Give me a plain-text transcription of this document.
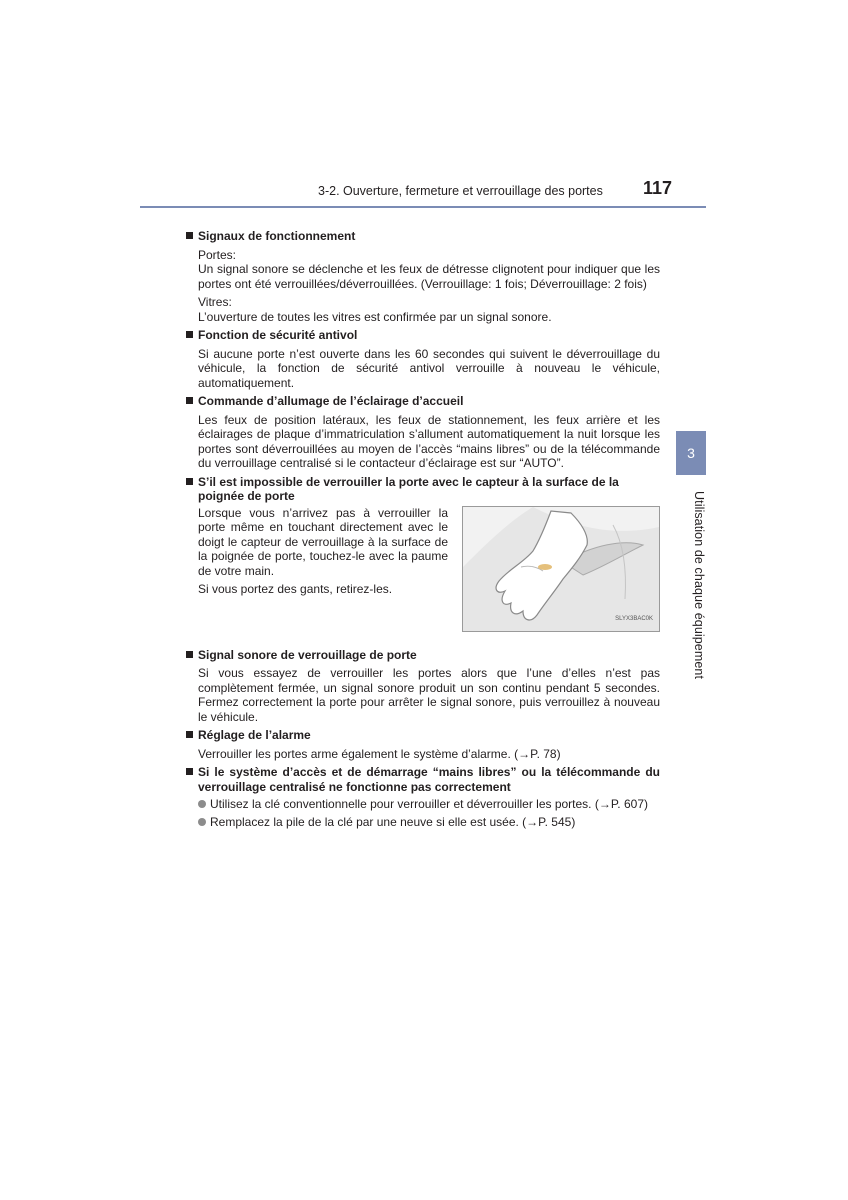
3-2. Ouverture, fermeture et verrouillage des portes 117
3
Utilisation de chaque équipement
Signaux de fonctionnement
Portes:
Un signal sonore se déclenche et les feux de détresse clignotent pour indiquer que les portes ont été verrouillées/déverrouillées. (Verrouillage: 1 fois; Déverrouillage: 2 fois)
Vitres:
L’ouverture de toutes les vitres est confirmée par un signal sonore.
Fonction de sécurité antivol
Si aucune porte n’est ouverte dans les 60 secondes qui suivent le déverrouillage du véhicule, la fonction de sécurité antivol verrouille à nouveau le véhicule, automatiquement.
Commande d’allumage de l’éclairage d’accueil
Les feux de position latéraux, les feux de stationnement, les feux arrière et les éclairages de plaque d’immatriculation s’allument automatiquement la nuit lorsque les portes sont déverrouillées au moyen de l’accès “mains libres” ou de la télécommande du verrouillage centralisé si le contacteur d’éclairage est sur “AUTO”.
S’il est impossible de verrouiller la porte avec le capteur à la surface de la poignée de porte
Lorsque vous n’arrivez pas à verrouiller la porte même en touchant directement avec le doigt le capteur de verrouillage à la surface de la poignée de porte, touchez-le avec la paume de votre main.
Si vous portez des gants, retirez-les.
SLYX3BAC0K
Signal sonore de verrouillage de porte
Si vous essayez de verrouiller les portes alors que l’une d’elles n’est pas complètement fermée, un signal sonore produit un son continu pendant 5 secondes. Fermez correctement la porte pour arrêter le signal sonore, puis verrouillez à nouveau le véhicule.
Réglage de l’alarme
Verrouiller les portes arme également le système d’alarme. (→P. 78)
Si le système d’accès et de démarrage “mains libres” ou la télécommande du verrouillage centralisé ne fonctionne pas correctement
Utilisez la clé conventionnelle pour verrouiller et déverrouiller les portes. (→P. 607)
Remplacez la pile de la clé par une neuve si elle est usée. (→P. 545)
